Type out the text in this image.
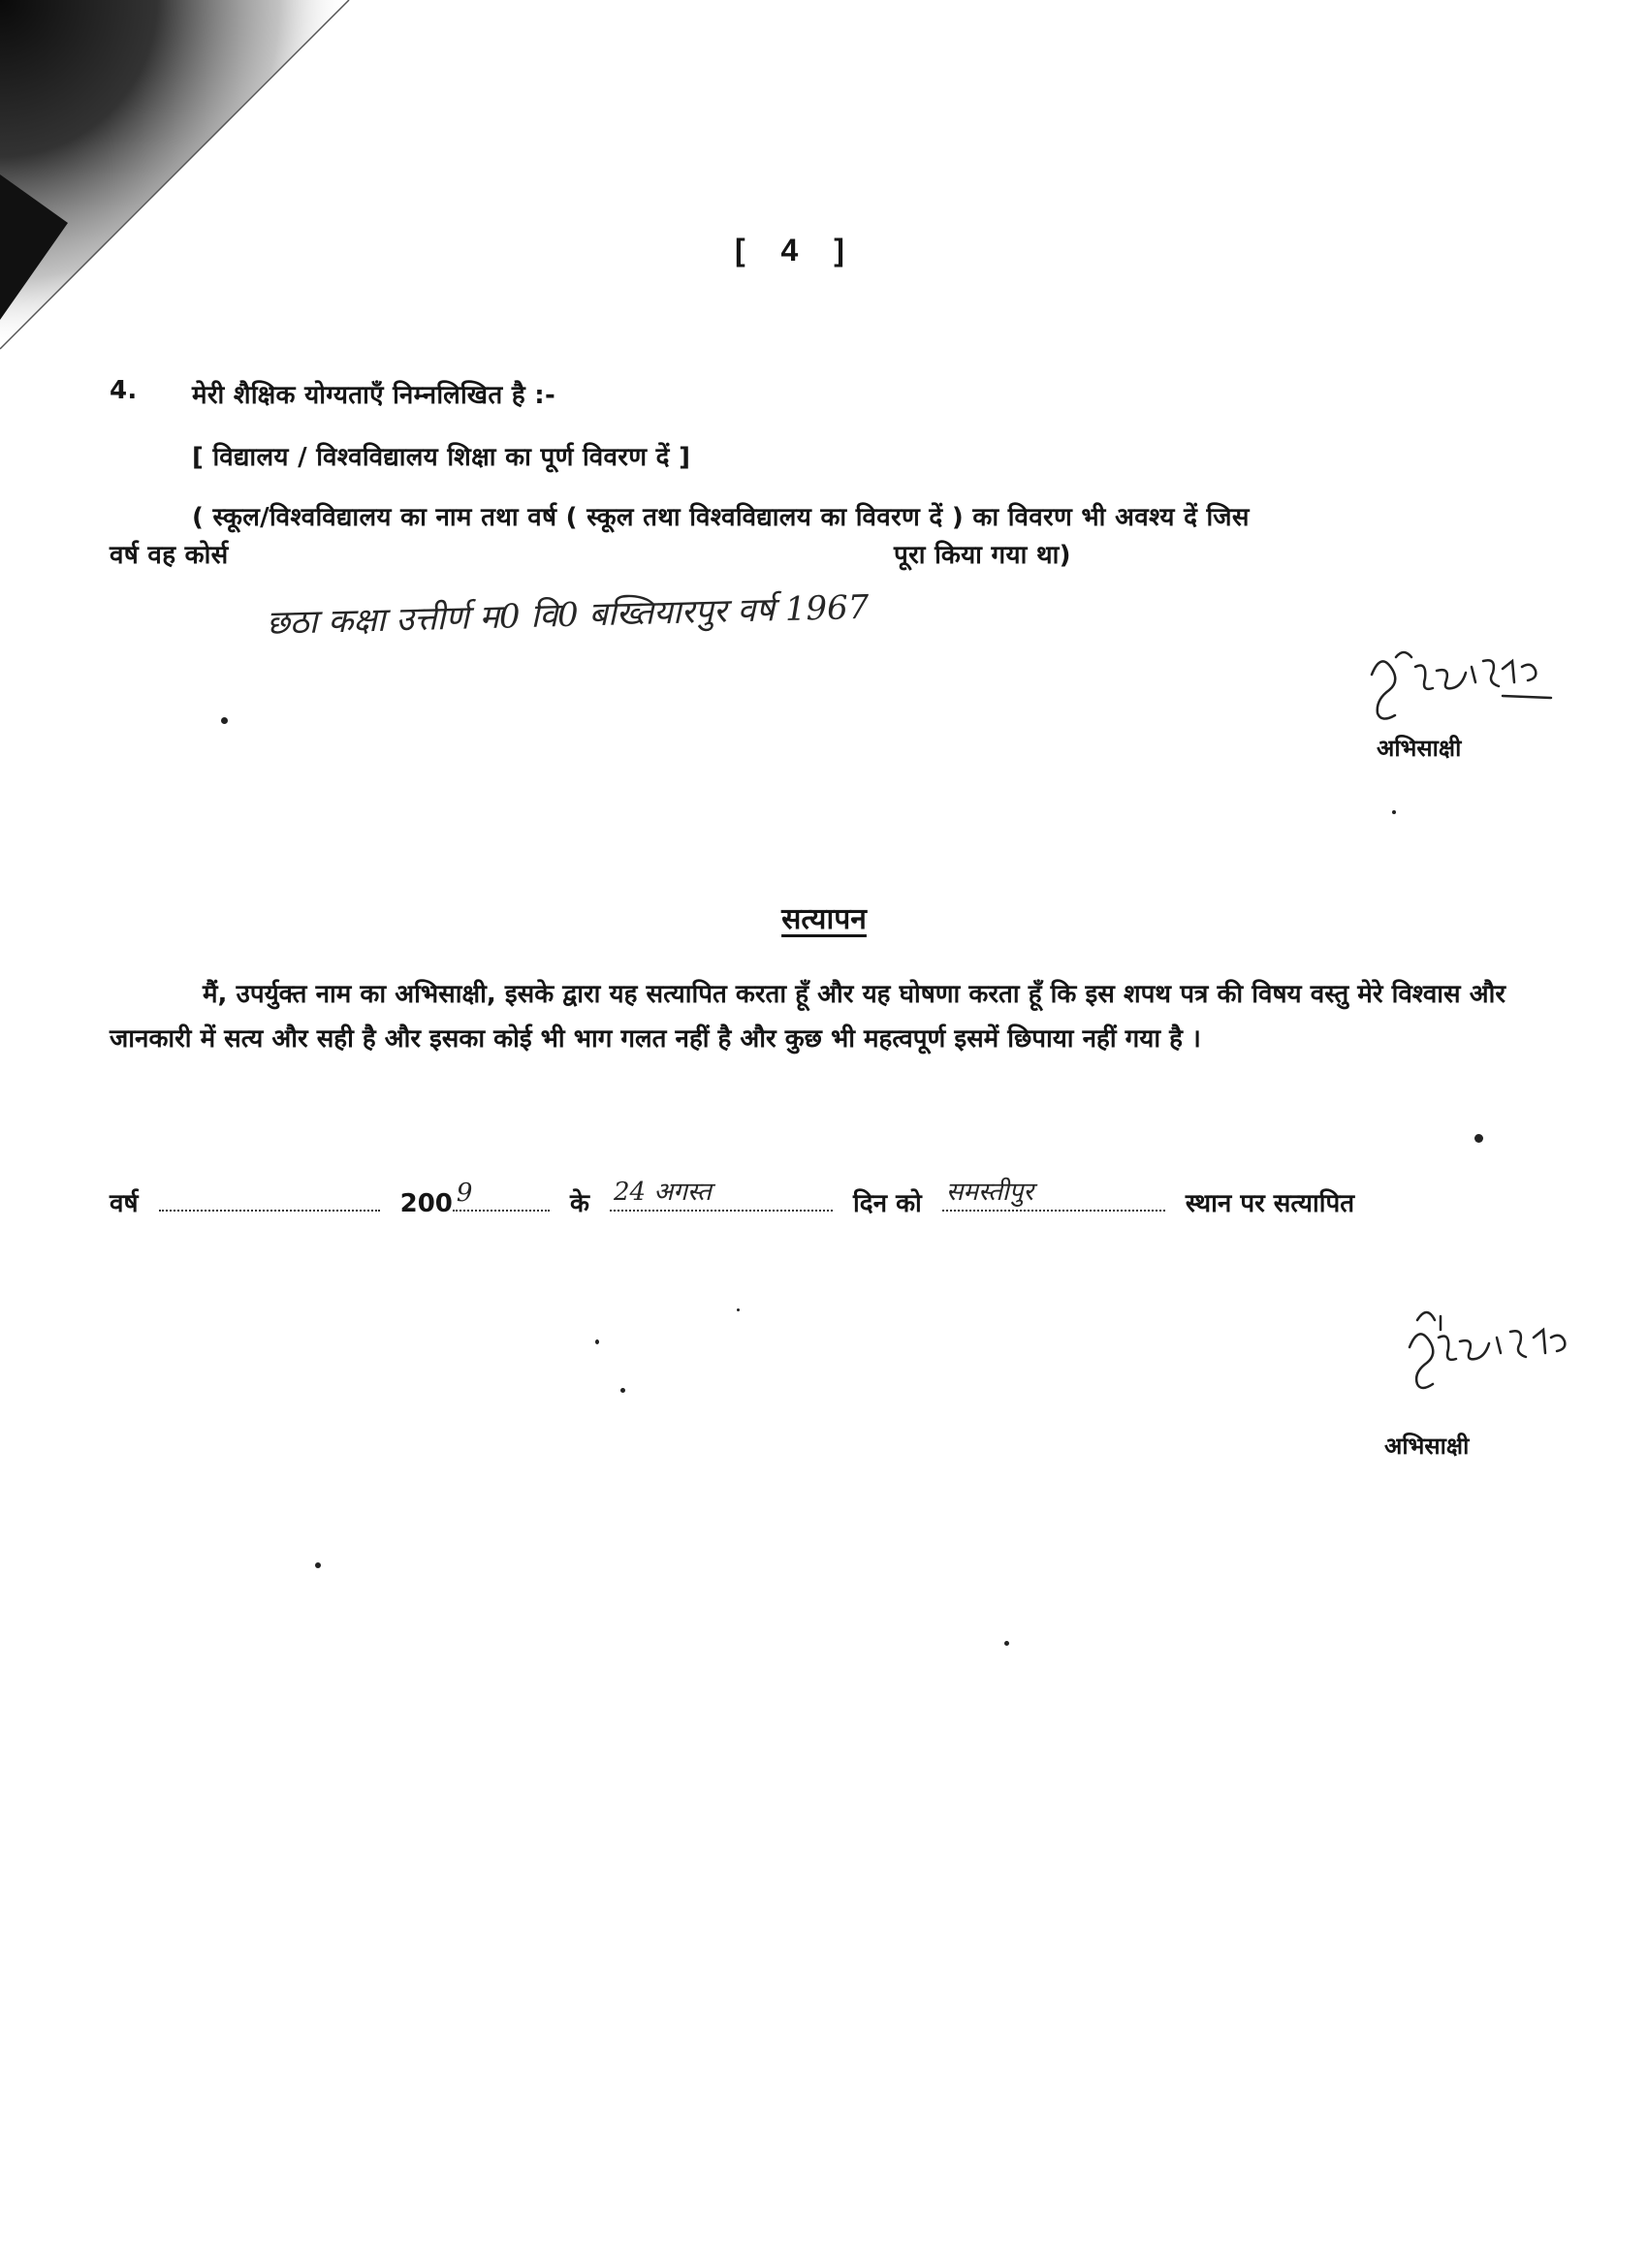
[ 4 ]
4. मेरी शैक्षिक योग्यताएँ निम्नलिखित है :-
[ विद्यालय / विश्वविद्यालय शिक्षा का पूर्ण विवरण दें ]
( स्कूल/विश्वविद्यालय का नाम तथा वर्ष ( स्कूल तथा विश्वविद्यालय का विवरण दें ) का विवरण भी अवश्य दें जिस
वर्ष वह कोर्स	पूरा किया गया था)
छठा कक्षा उत्तीर्ण म0 वि0 बख्तियारपुर वर्ष 1967
अभिसाक्षी
सत्यापन

मैं, उपर्युक्त नाम का अभिसाक्षी, इसके द्वारा यह सत्यापित करता हूँ और यह घोषणा करता हूँ कि इस शपथ पत्र की विषय वस्तु मेरे विश्वास और जानकारी में सत्य और सही है और इसका कोई भी भाग गलत नहीं है और कुछ भी महत्वपूर्ण इसमें छिपाया नहीं गया है ।

वर्ष	200 9	के 24 अगस्त	दिन को समस्तीपुर	स्थान पर सत्यापित
अभिसाक्षी
